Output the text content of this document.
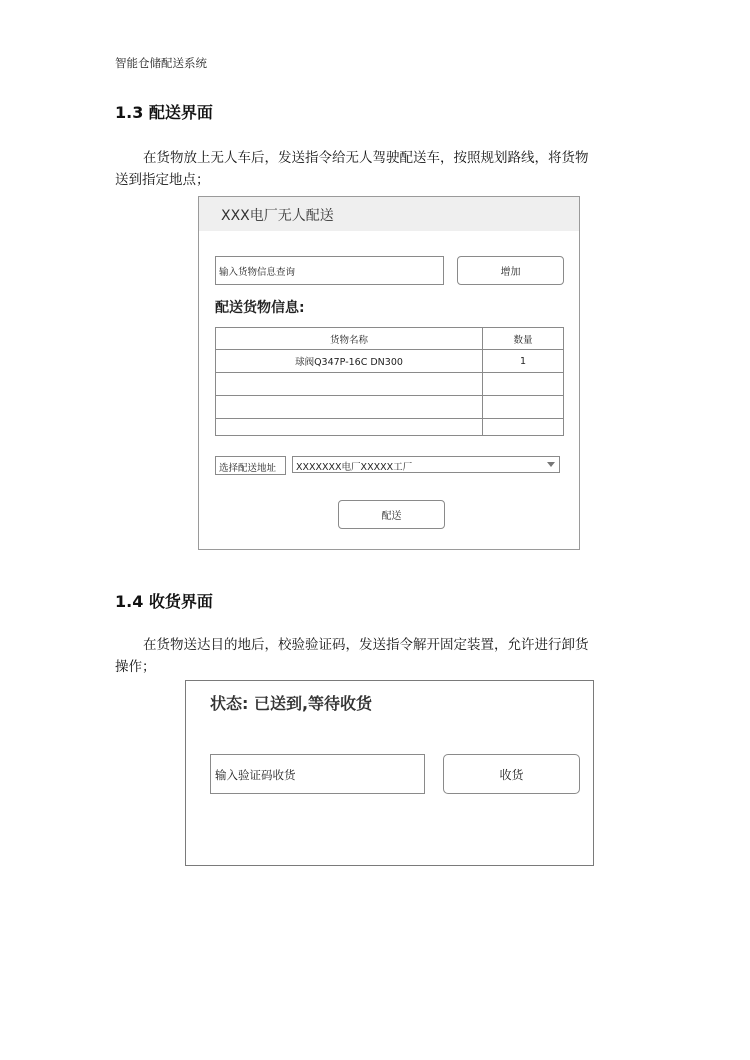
智能仓储配送系统
1.3 配送界面
在货物放上无人车后，发送指令给无人驾驶配送车，按照规划路线，将货物
送到指定地点；
XXX电厂无人配送
输入货物信息查询	增加
配送货物信息:
货物名称	数量
球阀Q347P-16C DN300	1

选择配送地址 XXXXXXX电厂XXXXX工厂
配送
1.4 收货界面
在货物送达目的地后，校验验证码，发送指令解开固定装置，允许进行卸货
操作；
状态: 已送到,等待收货
输入验证码收货	收货
